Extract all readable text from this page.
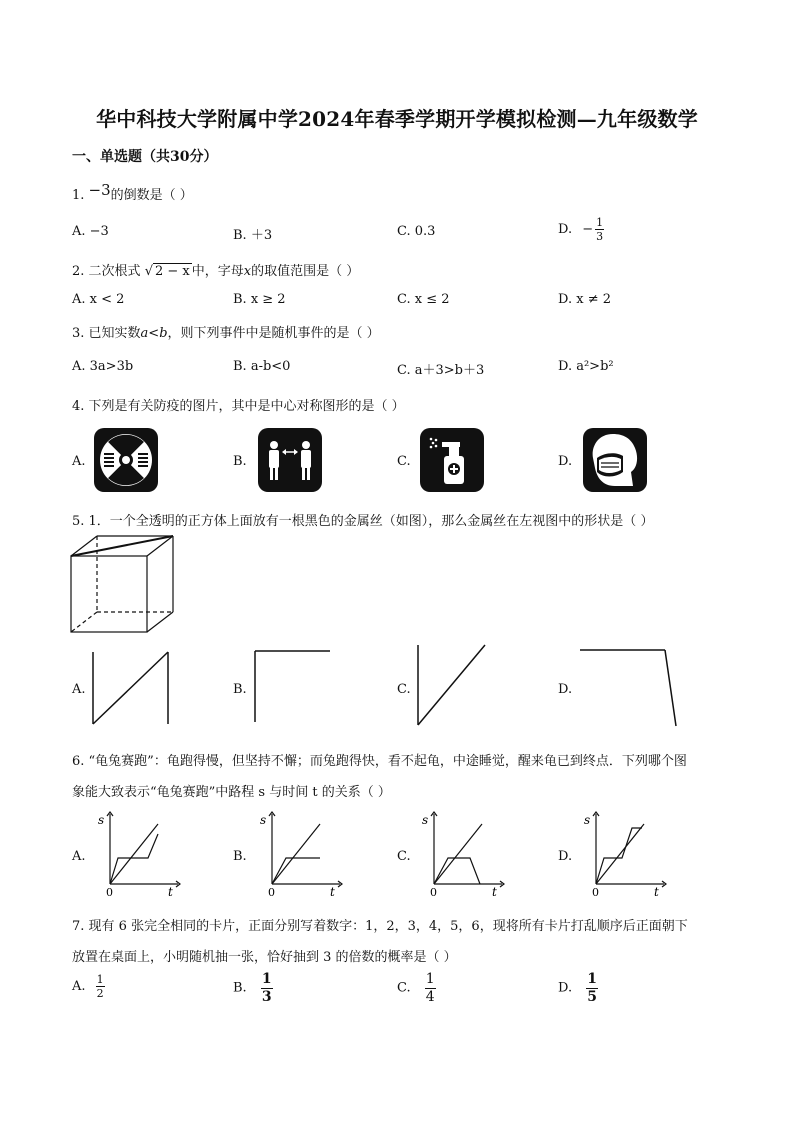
华中科技大学附属中学2024年春季学期开学模拟检测—九年级数学
一、单选题（共30分）
1. −3的倒数是（ ）
A. −3	B. ＋3	C. 0.3	D. − $\frac{1}{3}$
2. 二次根式 √ 2 − x 中，字母x的取值范围是（ ）
A. x < 2	B. x ≥ 2	C. x ≤ 2	D. x ≠ 2
3. 已知实数a<b，则下列事件中是随机事件的是（ ）
A. 3a>3b	B. a-b<0	C. a＋3>b＋3	D. a²>b²
4. 下列是有关防疫的图片，其中是中心对称图形的是（ ）
A.	B.	C.	D.
5. 1．一个全透明的正方体上面放有一根黑色的金属丝（如图），那么金属丝在左视图中的形状是（ ）
A.	B.	C.	D.
6. “龟兔赛跑”：龟跑得慢，但坚持不懈；而兔跑得快，看不起龟，中途睡觉，醒来龟已到终点．下列哪个图
象能大致表示“龟兔赛跑”中路程 s 与时间 t 的关系（ ）
A.	B.	C.	D.
s
0	t
s
0	t
s
0	t
s
0	t
7. 现有 6 张完全相同的卡片，正面分别写着数字：1，2，3，4，5，6，现将所有卡片打乱顺序后正面朝下
放置在桌面上，小明随机抽一张，恰好抽到 3 的倍数的概率是（ ）
A. $\frac{1}{2}$	B. $\frac{1}{3}$	C. $\frac{1}{4}$	D. $\frac{1}{5}$
